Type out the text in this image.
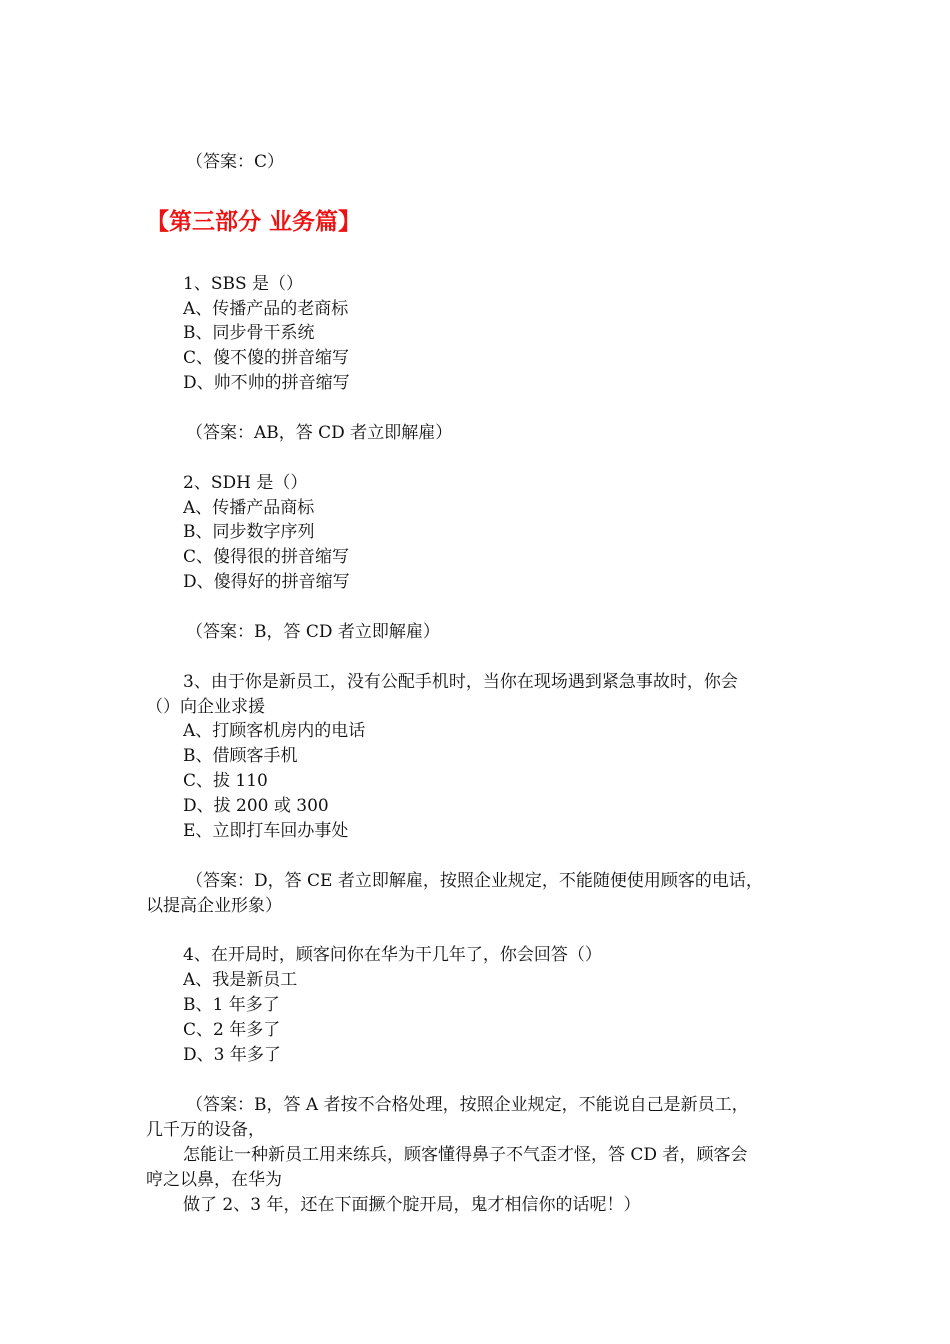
（答案：C）
【第三部分 业务篇】
1、SBS 是（）
A、传播产品的老商标
B、同步骨干系统
C、傻不傻的拼音缩写
D、帅不帅的拼音缩写
（答案：AB，答 CD 者立即解雇）
2、SDH 是（）
A、传播产品商标
B、同步数字序列
C、傻得很的拼音缩写
D、傻得好的拼音缩写
（答案：B，答 CD 者立即解雇）
3、由于你是新员工，没有公配手机时，当你在现场遇到紧急事故时，你会
（）向企业求援
A、打顾客机房内的电话
B、借顾客手机
C、拔 110
D、拔 200 或 300
E、立即打车回办事处
（答案：D，答 CE 者立即解雇，按照企业规定，不能随便使用顾客的电话，
以提高企业形象）
4、在开局时，顾客问你在华为干几年了，你会回答（）
A、我是新员工
B、1 年多了
C、2 年多了
D、3 年多了
（答案：B，答 A 者按不合格处理，按照企业规定，不能说自己是新员工，
几千万的设备，
怎能让一种新员工用来练兵，顾客懂得鼻子不气歪才怪，答 CD 者，顾客会
哼之以鼻，在华为
做了 2、3 年，还在下面撅个腚开局，鬼才相信你的话呢！）
